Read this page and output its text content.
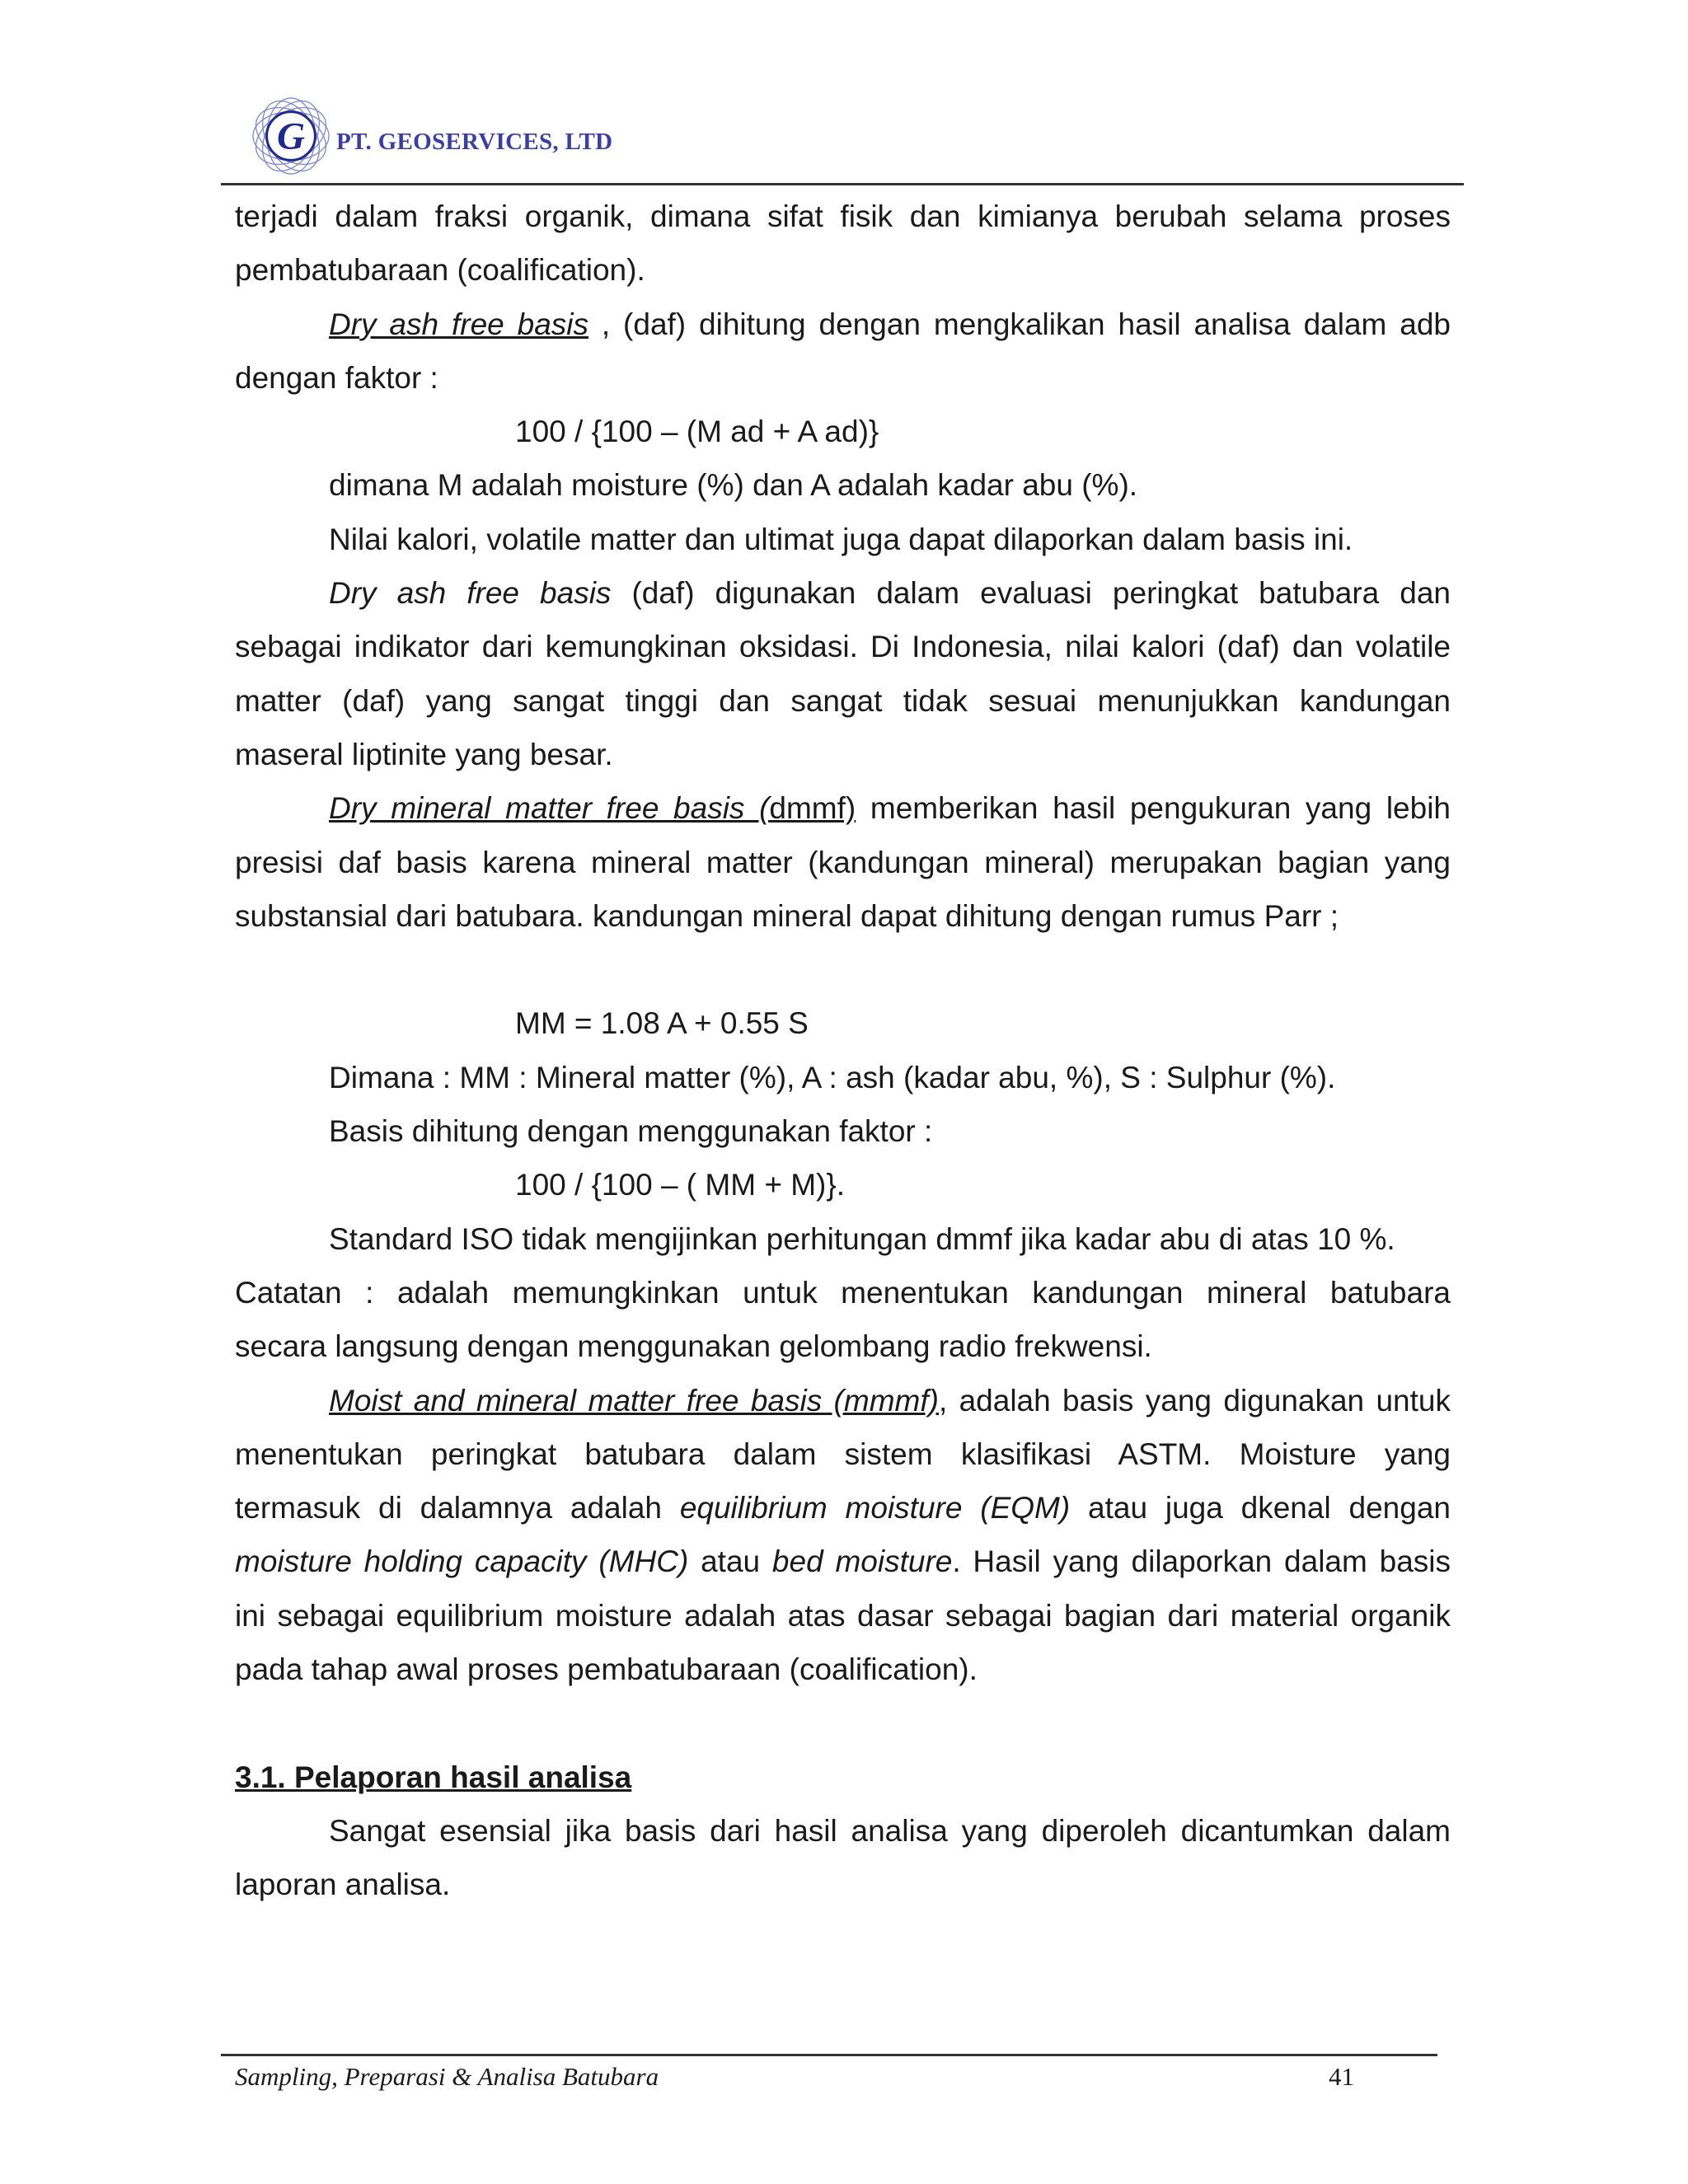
G PT. GEOSERVICES, LTD
terjadi dalam fraksi organik, dimana sifat fisik dan kimianya berubah selama proses
pembatubaraan (coalification).
Dry ash free basis , (daf) dihitung dengan mengkalikan hasil analisa dalam adb
dengan faktor :
100 / {100 – (M ad + A ad)}
dimana M adalah moisture (%) dan A adalah kadar abu (%).
Nilai kalori, volatile matter dan ultimat juga dapat dilaporkan dalam basis ini.
Dry ash free basis (daf) digunakan dalam evaluasi peringkat batubara dan
sebagai indikator dari kemungkinan oksidasi. Di Indonesia, nilai kalori (daf) dan volatile
matter (daf) yang sangat tinggi dan sangat tidak sesuai menunjukkan kandungan
maseral liptinite yang besar.
Dry mineral matter free basis (dmmf) memberikan hasil pengukuran yang lebih
presisi daf basis karena mineral matter (kandungan mineral) merupakan bagian yang
substansial dari batubara. kandungan mineral dapat dihitung dengan rumus Parr ;
MM = 1.08 A + 0.55 S
Dimana : MM : Mineral matter (%), A : ash (kadar abu, %), S : Sulphur (%).
Basis dihitung dengan menggunakan faktor :
100 / {100 – ( MM + M)}.
Standard ISO tidak mengijinkan perhitungan dmmf jika kadar abu di atas 10 %.
Catatan : adalah memungkinkan untuk menentukan kandungan mineral batubara
secara langsung dengan menggunakan gelombang radio frekwensi.
Moist and mineral matter free basis (mmmf), adalah basis yang digunakan untuk
menentukan peringkat batubara dalam sistem klasifikasi ASTM. Moisture yang
termasuk di dalamnya adalah equilibrium moisture (EQM) atau juga dkenal dengan
moisture holding capacity (MHC) atau bed moisture. Hasil yang dilaporkan dalam basis
ini sebagai equilibrium moisture adalah atas dasar sebagai bagian dari material organik
pada tahap awal proses pembatubaraan (coalification).
3.1. Pelaporan hasil analisa
Sangat esensial jika basis dari hasil analisa yang diperoleh dicantumkan dalam
laporan analisa.
Sampling, Preparasi & Analisa Batubara	41
